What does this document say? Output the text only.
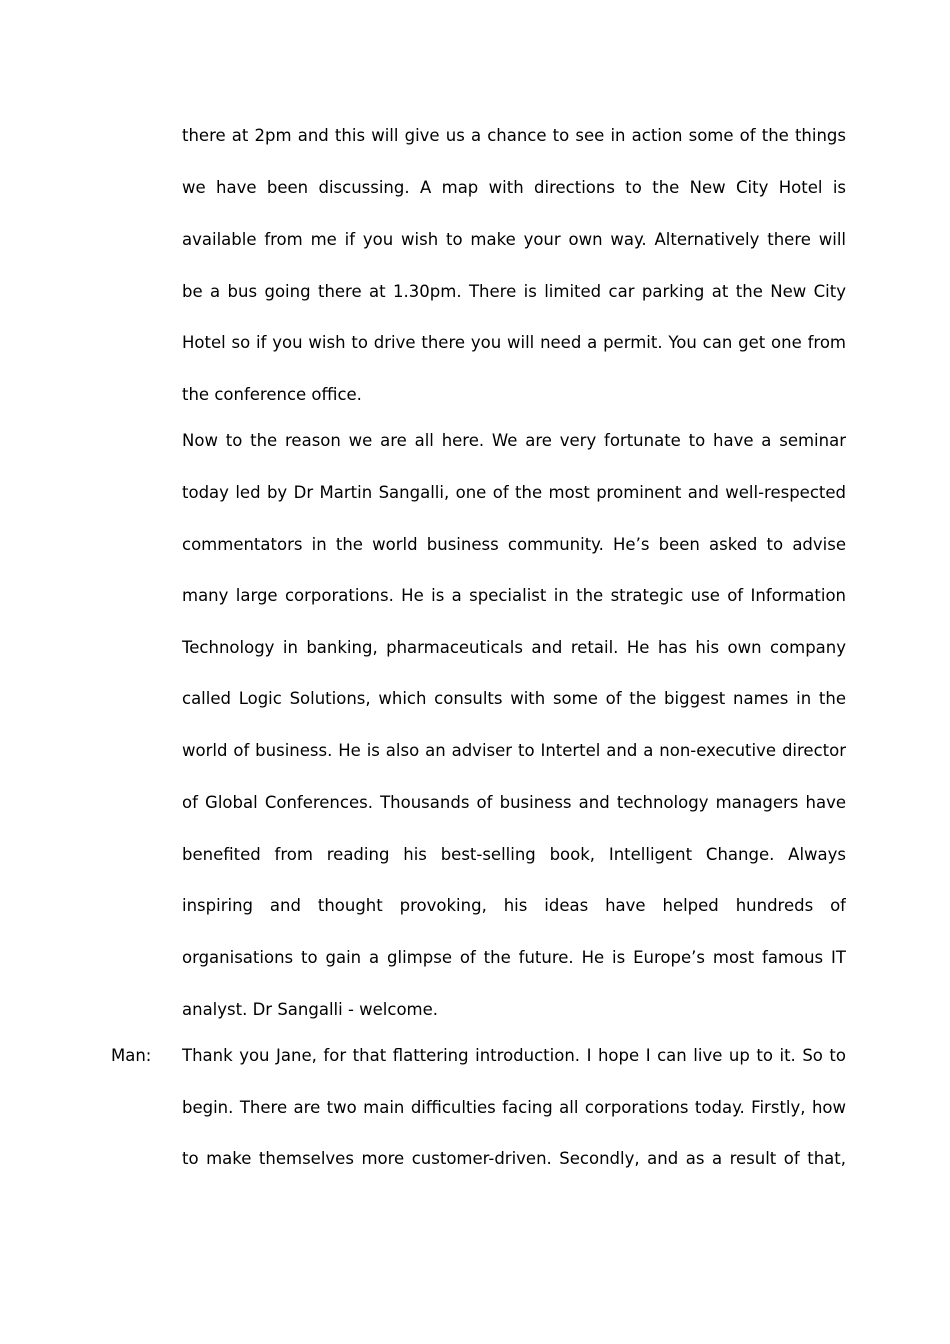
there at 2pm and this will give us a chance to see in action some of the things
we have been discussing. A map with directions to the New City Hotel is
available from me if you wish to make your own way. Alternatively there will
be a bus going there at 1.30pm. There is limited car parking at the New City
Hotel so if you wish to drive there you will need a permit. You can get one from
the conference office.
Now to the reason we are all here. We are very fortunate to have a seminar
today led by Dr Martin Sangalli, one of the most prominent and well-respected
commentators in the world business community. He’s been asked to advise
many large corporations. He is a specialist in the strategic use of Information
Technology in banking, pharmaceuticals and retail. He has his own company
called Logic Solutions, which consults with some of the biggest names in the
world of business. He is also an adviser to Intertel and a non-executive director
of Global Conferences. Thousands of business and technology managers have
benefited from reading his best-selling book, Intelligent Change. Always
inspiring and thought provoking, his ideas have helped hundreds of
organisations to gain a glimpse of the future. He is Europe’s most famous IT
analyst. Dr Sangalli - welcome.
Man: Thank you Jane, for that flattering introduction. I hope I can live up to it. So to
begin. There are two main difficulties facing all corporations today. Firstly, how
to make themselves more customer-driven. Secondly, and as a result of that,
